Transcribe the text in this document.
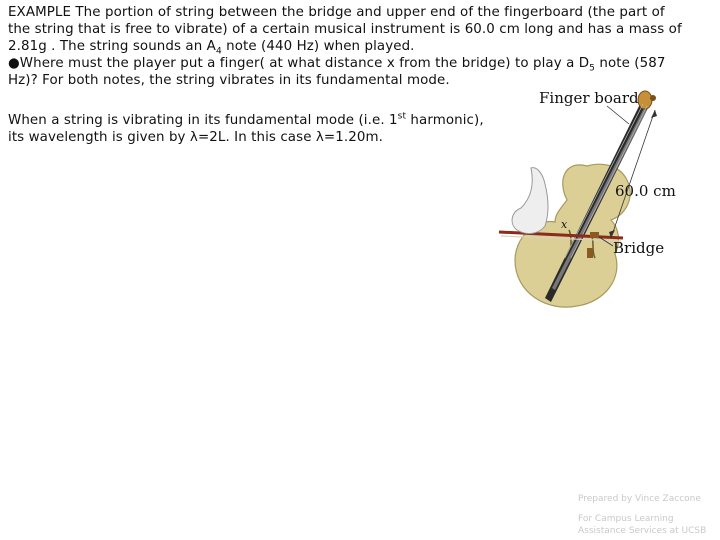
EXAMPLE The portion of string between the bridge and upper end of the fingerboard (the part of
the string that is free to vibrate) of a certain musical instrument is 60.0 cm long and has a mass of
2.81g . The string sounds an $A_4$ note (440 Hz) when played.
●Where must the player put a finger( at what distance x from the bridge) to play a $D_5$ note (587
Hz)? For both notes, the string vibrates in its fundamental mode.
When a string is vibrating in its fundamental mode (i.e. 1st harmonic),
its wavelength is given by λ=2L. In this case λ=1.20m.
Finger board
60.0 cm
Bridge
x
Prepared by Vince Zaccone
For Campus Learning
Assistance Services at UCSB
